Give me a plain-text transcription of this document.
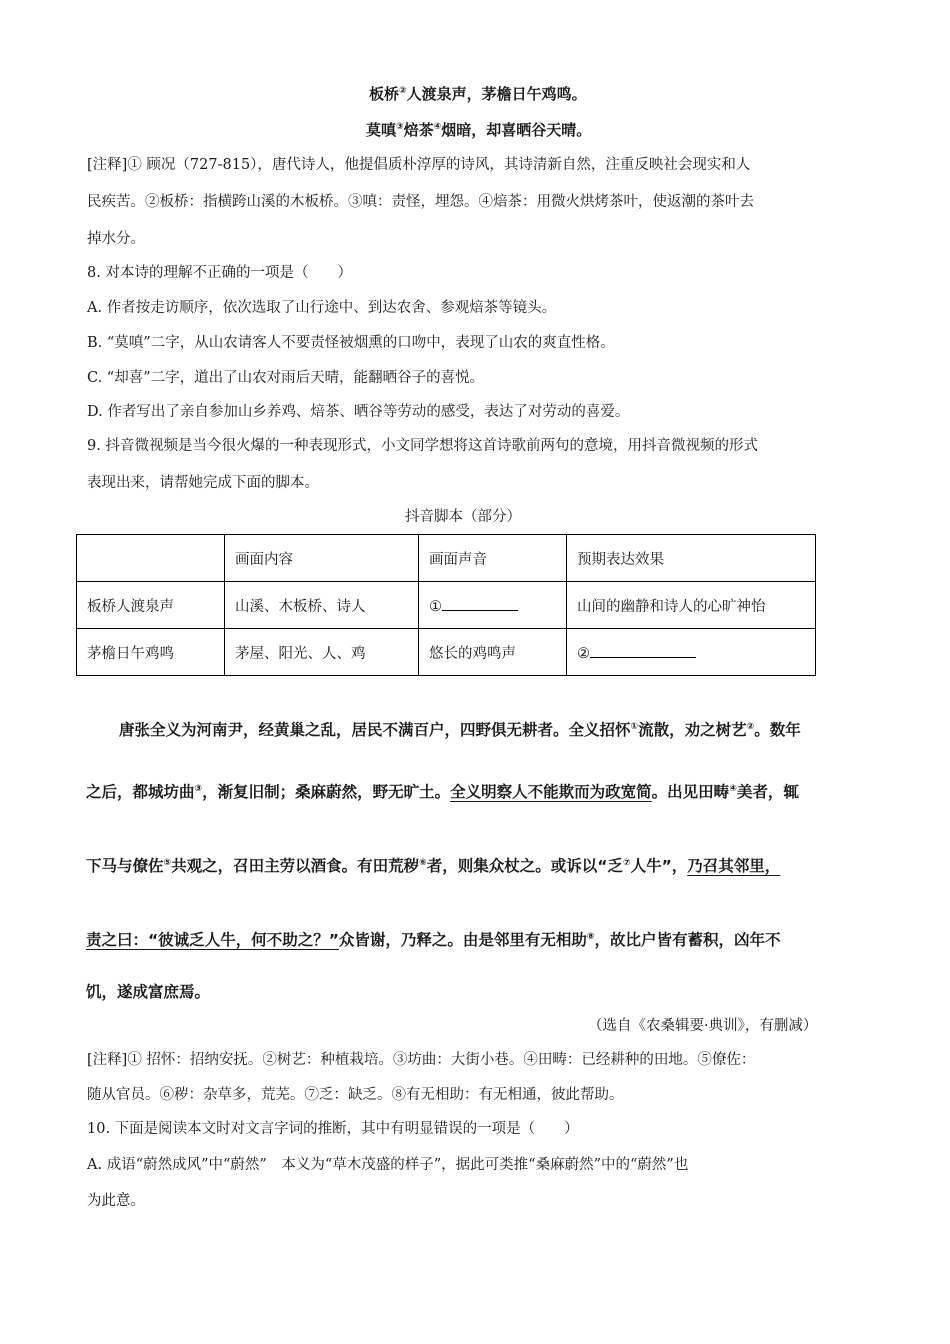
板桥②人渡泉声，茅檐日午鸡鸣。
莫嗔③焙茶④烟暗，却喜晒谷天晴。
[注释]① 顾况（727-815），唐代诗人，他提倡质朴淳厚的诗风，其诗清新自然，注重反映社会现实和人
民疾苦。②板桥：指横跨山溪的木板桥。③嗔：责怪，埋怨。④焙茶：用微火烘烤茶叶，使返潮的茶叶去
掉水分。
8. 对本诗的理解不正确的一项是（　　）
A. 作者按走访顺序，依次选取了山行途中、到达农舍、参观焙茶等镜头。
B. “莫嗔”二字，从山农请客人不要责怪被烟熏的口吻中，表现了山农的爽直性格。
C. “却喜”二字，道出了山农对雨后天晴，能翻晒谷子的喜悦。
D. 作者写出了亲自参加山乡养鸡、焙茶、晒谷等劳动的感受，表达了对劳动的喜爱。
9. 抖音微视频是当今很火爆的一种表现形式，小文同学想将这首诗歌前两句的意境，用抖音微视频的形式
表现出来，请帮她完成下面的脚本。
抖音脚本（部分）
	画面内容	画面声音	预期表达效果
板桥人渡泉声	山溪、木板桥、诗人	①	山间的幽静和诗人的心旷神怡
茅檐日午鸡鸣	茅屋、阳光、人、鸡	悠长的鸡鸣声	②
唐张全义为河南尹，经黄巢之乱，居民不满百户，四野俱无耕者。全义招怀①流散，劝之树艺②。数年
之后，都城坊曲③，渐复旧制；桑麻蔚然，野无旷土。全义明察人不能欺而为政宽简。出见田畴④美者，辄
下马与僚佐⑤共观之，召田主劳以酒食。有田荒秽⑥者，则集众杖之。或诉以“乏⑦人牛”，乃召其邻里，
责之曰：“彼诚乏人牛，何不助之？”众皆谢，乃释之。由是邻里有无相助⑧，故比户皆有蓄积，凶年不
饥，遂成富庶焉。
（选自《农桑辑要·典训》，有删减）
[注释]① 招怀：招纳安抚。②树艺：种植栽培。③坊曲：大街小巷。④田畴：已经耕种的田地。⑤僚佐：
随从官员。⑥秽：杂草多，荒芜。⑦乏：缺乏。⑧有无相助：有无相通，彼此帮助。
10. 下面是阅读本文时对文言字词的推断，其中有明显错误的一项是（　　）
A. 成语“蔚然成风”中“蔚然”　本义为“草木茂盛的样子”，据此可类推“桑麻蔚然”中的“蔚然”也
为此意。
